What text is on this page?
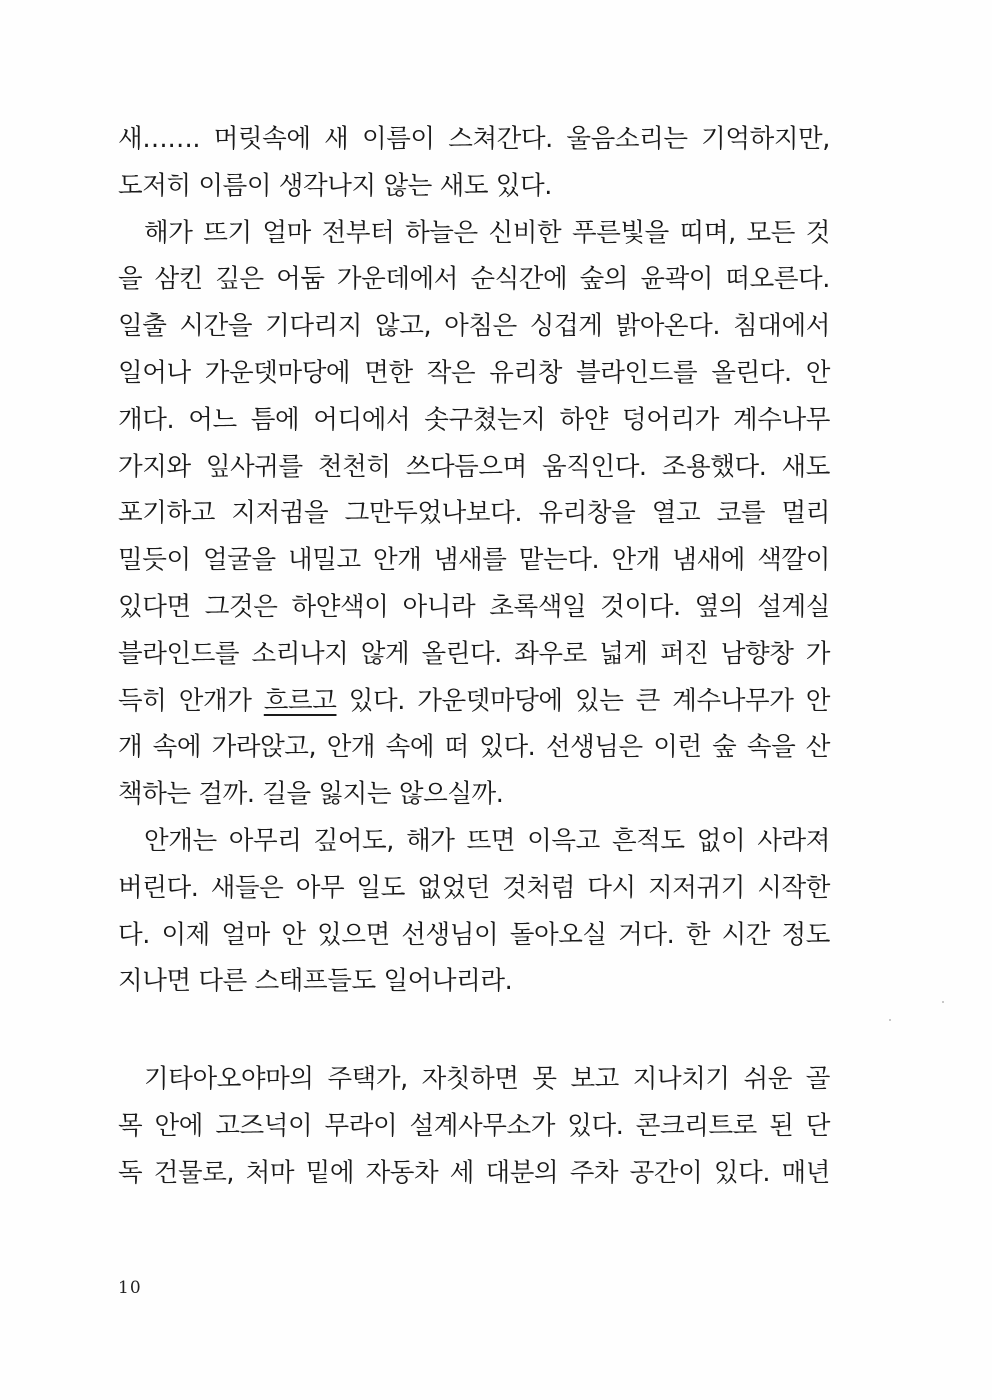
새……. 머릿속에 새 이름이 스쳐간다. 울음소리는 기억하지만,
도저히 이름이 생각나지 않는 새도 있다.
해가 뜨기 얼마 전부터 하늘은 신비한 푸른빛을 띠며, 모든 것
을 삼킨 깊은 어둠 가운데에서 순식간에 숲의 윤곽이 떠오른다.
일출 시간을 기다리지 않고, 아침은 싱겁게 밝아온다. 침대에서
일어나 가운뎃마당에 면한 작은 유리창 블라인드를 올린다. 안
개다. 어느 틈에 어디에서 솟구쳤는지 하얀 덩어리가 계수나무
가지와 잎사귀를 천천히 쓰다듬으며 움직인다. 조용했다. 새도
포기하고 지저귐을 그만두었나보다. 유리창을 열고 코를 멀리
밀듯이 얼굴을 내밀고 안개 냄새를 맡는다. 안개 냄새에 색깔이
있다면 그것은 하얀색이 아니라 초록색일 것이다. 옆의 설계실
블라인드를 소리나지 않게 올린다. 좌우로 넓게 퍼진 남향창 가
득히 안개가 흐르고 있다. 가운뎃마당에 있는 큰 계수나무가 안
개 속에 가라앉고, 안개 속에 떠 있다. 선생님은 이런 숲 속을 산
책하는 걸까. 길을 잃지는 않으실까.
안개는 아무리 깊어도, 해가 뜨면 이윽고 흔적도 없이 사라져
버린다. 새들은 아무 일도 없었던 것처럼 다시 지저귀기 시작한
다. 이제 얼마 안 있으면 선생님이 돌아오실 거다. 한 시간 정도
지나면 다른 스태프들도 일어나리라.
기타아오야마의 주택가, 자칫하면 못 보고 지나치기 쉬운 골
목 안에 고즈넉이 무라이 설계사무소가 있다. 콘크리트로 된 단
독 건물로, 처마 밑에 자동차 세 대분의 주차 공간이 있다. 매년
10
